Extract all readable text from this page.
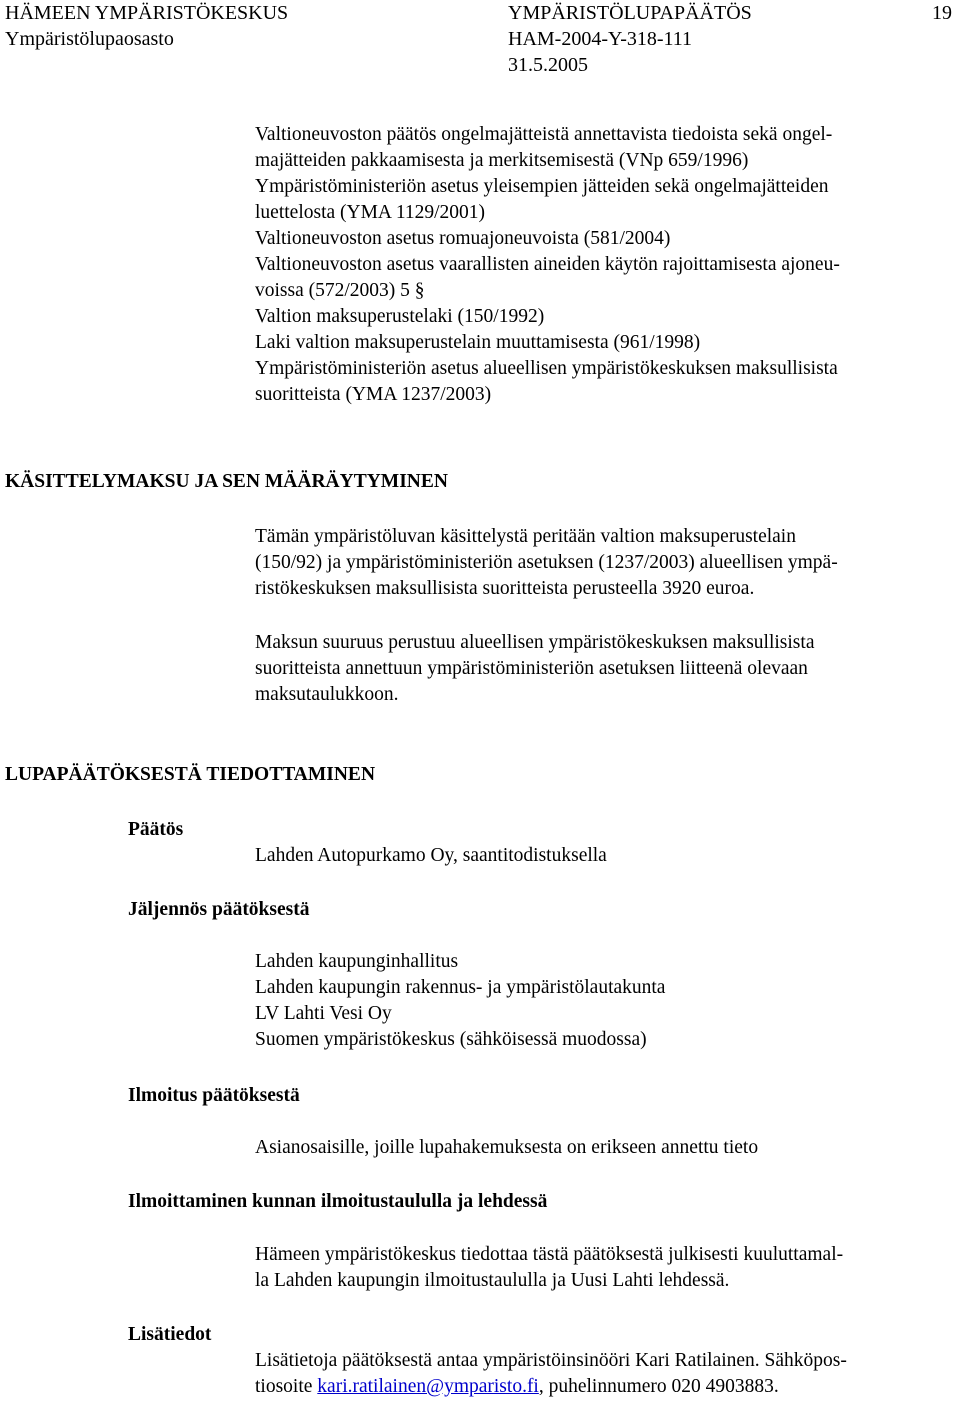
HÄMEEN YMPÄRISTÖKESKUS
Ympäristölupaosasto
YMPÄRISTÖLUPAPÄÄTÖS
HAM-2004-Y-318-111
31.5.2005
19
Valtioneuvoston päätös ongelmajätteistä annettavista tiedoista sekä ongel-
majätteiden pakkaamisesta ja merkitsemisestä (VNp 659/1996)
Ympäristöministeriön asetus yleisempien jätteiden sekä ongelmajätteiden
luettelosta (YMA 1129/2001)
Valtioneuvoston asetus romuajoneuvoista (581/2004)
Valtioneuvoston asetus vaarallisten aineiden käytön rajoittamisesta ajoneu-
voissa (572/2003) 5 §
Valtion maksuperustelaki (150/1992)
Laki valtion maksuperustelain muuttamisesta (961/1998)
Ympäristöministeriön asetus alueellisen ympäristökeskuksen maksullisista
suoritteista (YMA 1237/2003)
KÄSITTELYMAKSU JA SEN MÄÄRÄYTYMINEN
Tämän ympäristöluvan käsittelystä peritään valtion maksuperustelain
(150/92) ja ympäristöministeriön asetuksen (1237/2003) alueellisen ympä-
ristökeskuksen maksullisista suoritteista perusteella 3920 euroa.
Maksun suuruus perustuu alueellisen ympäristökeskuksen maksullisista
suoritteista annettuun ympäristöministeriön asetuksen liitteenä olevaan
maksutaulukkoon.
LUPAPÄÄTÖKSESTÄ TIEDOTTAMINEN
Päätös
Lahden Autopurkamo Oy, saantitodistuksella
Jäljennös päätöksestä
Lahden kaupunginhallitus
Lahden kaupungin rakennus- ja ympäristölautakunta
LV Lahti Vesi Oy
Suomen ympäristökeskus (sähköisessä muodossa)
Ilmoitus päätöksestä
Asianosaisille, joille lupahakemuksesta on erikseen annettu tieto
Ilmoittaminen kunnan ilmoitustaululla ja lehdessä
Hämeen ympäristökeskus tiedottaa tästä päätöksestä julkisesti kuuluttamal-
la Lahden kaupungin ilmoitustaululla ja Uusi Lahti lehdessä.
Lisätiedot
Lisätietoja päätöksestä antaa ympäristöinsinööri Kari Ratilainen. Sähköpos-
tiosoite kari.ratilainen@ymparisto.fi, puhelinnumero 020 4903883.
